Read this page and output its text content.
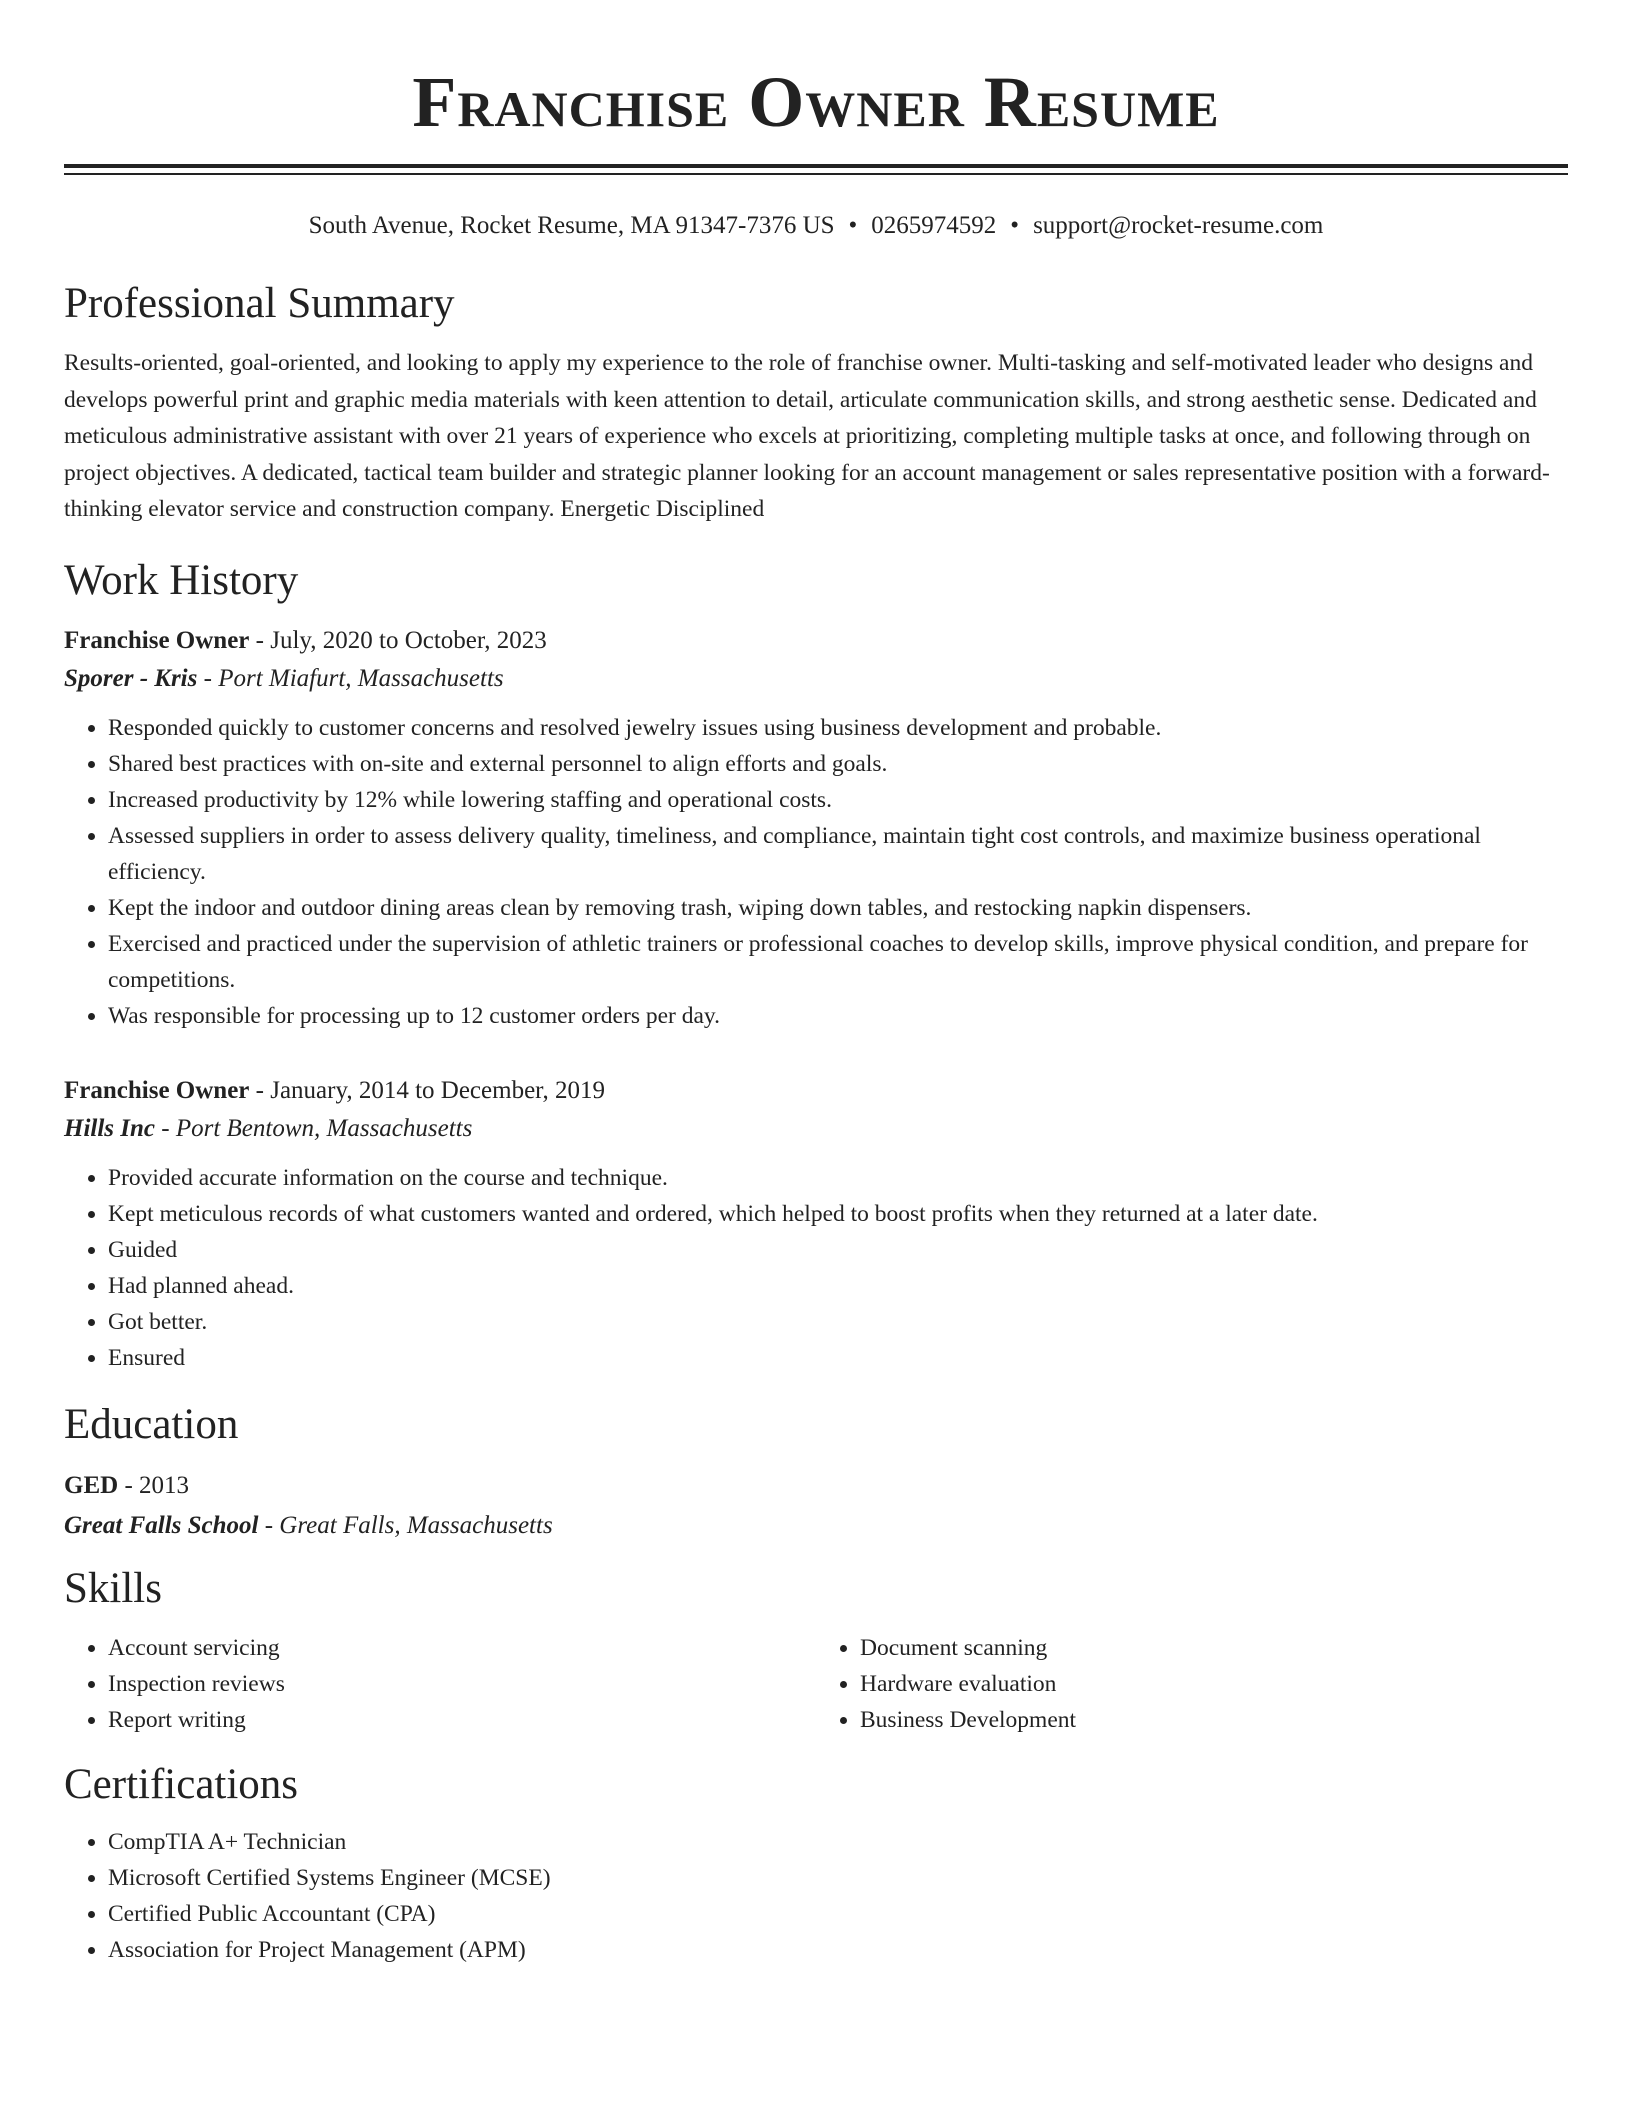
Franchise Owner Resume
South Avenue, Rocket Resume, MA 91347-7376 US • 0265974592 • support@rocket-resume.com
Professional Summary
Results-oriented, goal-oriented, and looking to apply my experience to the role of franchise owner. Multi-tasking and self-motivated leader who designs and develops powerful print and graphic media materials with keen attention to detail, articulate communication skills, and strong aesthetic sense. Dedicated and meticulous administrative assistant with over 21 years of experience who excels at prioritizing, completing multiple tasks at once, and following through on project objectives. A dedicated, tactical team builder and strategic planner looking for an account management or sales representative position with a forward-thinking elevator service and construction company. Energetic Disciplined
Work History
Franchise Owner - July, 2020 to October, 2023
Sporer - Kris - Port Miafurt, Massachusetts
• Responded quickly to customer concerns and resolved jewelry issues using business development and probable.
• Shared best practices with on-site and external personnel to align efforts and goals.
• Increased productivity by 12% while lowering staffing and operational costs.
• Assessed suppliers in order to assess delivery quality, timeliness, and compliance, maintain tight cost controls, and maximize business operational efficiency.
• Kept the indoor and outdoor dining areas clean by removing trash, wiping down tables, and restocking napkin dispensers.
• Exercised and practiced under the supervision of athletic trainers or professional coaches to develop skills, improve physical condition, and prepare for competitions.
• Was responsible for processing up to 12 customer orders per day.
Franchise Owner - January, 2014 to December, 2019
Hills Inc - Port Bentown, Massachusetts
• Provided accurate information on the course and technique.
• Kept meticulous records of what customers wanted and ordered, which helped to boost profits when they returned at a later date.
• Guided
• Had planned ahead.
• Got better.
• Ensured
Education
GED - 2013
Great Falls School - Great Falls, Massachusetts
Skills
• Account servicing
• Inspection reviews
• Report writing
• Document scanning
• Hardware evaluation
• Business Development
Certifications
• CompTIA A+ Technician
• Microsoft Certified Systems Engineer (MCSE)
• Certified Public Accountant (CPA)
• Association for Project Management (APM)
